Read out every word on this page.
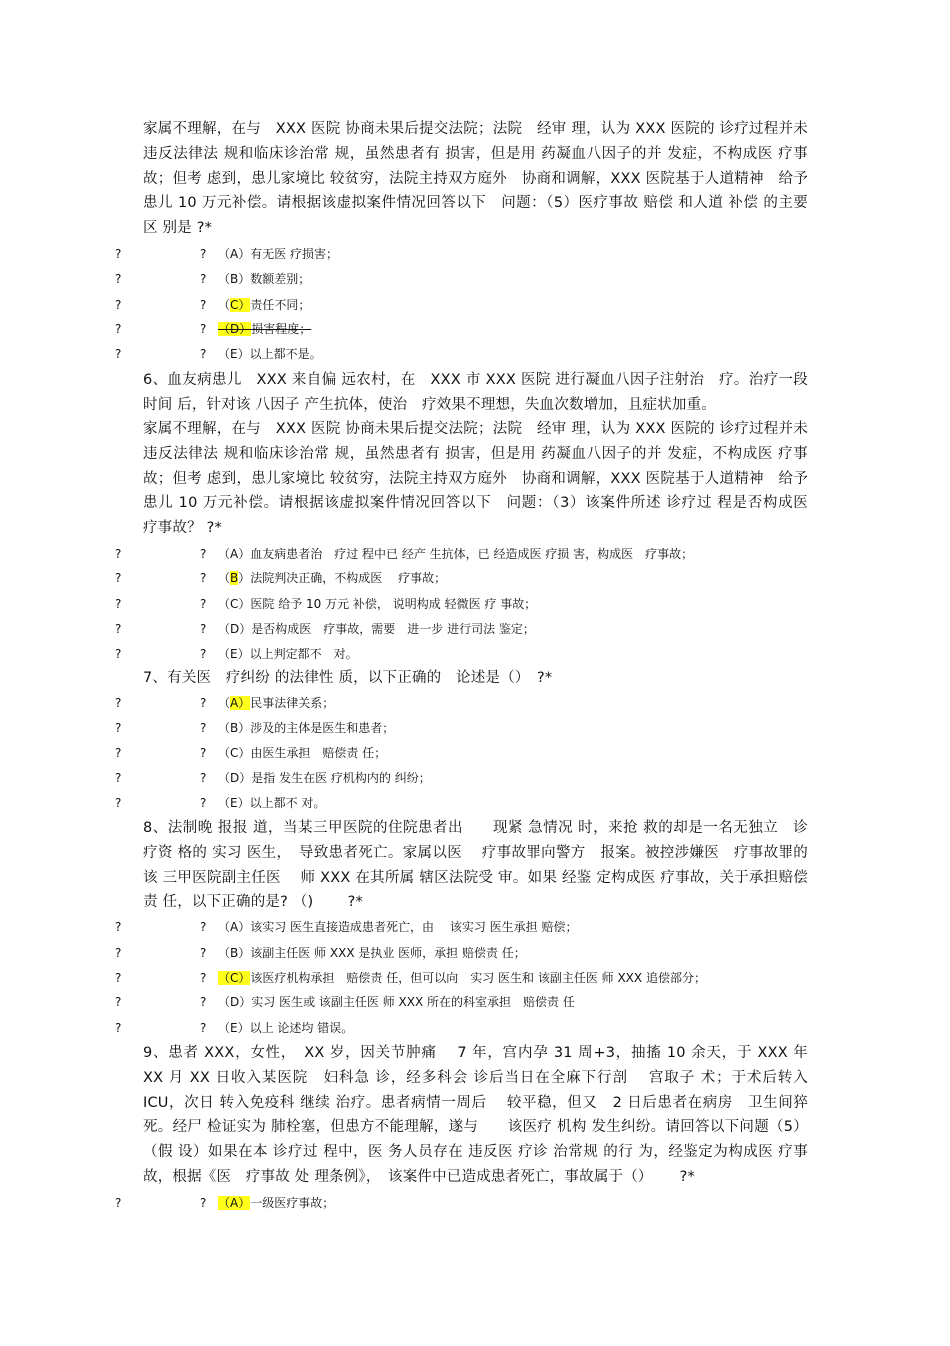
家属不理解，在与　XXX 医院 协商未果后提交法院；法院　经审 理，认为 XXX 医院的 诊疗过程并未 违反法律法 规和临床诊治常 规，虽然患者有 损害，但是用 药凝血八因子的并 发症，不构成医 疗事故；但考 虑到，患儿家境比 较贫穷，法院主持双方庭外　协商和调解，XXX 医院基于人道精神　给予患儿 10 万元补偿。请根据该虚拟案件情况回答以下　问题：（5）医疗事故 赔偿 和人道 补偿 的主要区 别是 ?*
?	? （A）有无医 疗损害；
?	? （B）数额差别；
?	? （C）责任不同；
?	? （D）损害程度；
?	? （E）以上都不是。
6、血友病患儿　XXX 来自偏 远农村，在　XXX 市 XXX 医院 进行凝血八因子注射治　疗。治疗一段 时间 后，针对该 八因子 产生抗体，使治　疗效果不理想，失血次数增加，且症状加重。
家属不理解，在与　XXX 医院 协商未果后提交法院；法院　经审 理，认为 XXX 医院的 诊疗过程并未 违反法律法 规和临床诊治常 规，虽然患者有 损害，但是用 药凝血八因子的并 发症，不构成医 疗事故；但考 虑到，患儿家境比 较贫穷，法院主持双方庭外　协商和调解，XXX 医院基于人道精神　给予患儿 10 万元补偿。请根据该虚拟案件情况回答以下　问题：（3）该案件所述 诊疗过 程是否构成医　疗事故？ ?*
?	? （A）血友病患者治　疗过 程中已 经产 生抗体，已 经造成医 疗损 害，构成医　疗事故；
?	? （B）法院判决正确，不构成医　 疗事故；
?	? （C）医院 给予 10 万元 补偿， 说明构成 轻微医 疗 事故；
?	? （D）是否构成医　疗事故，需要　进一步 进行司法 鉴定；
?	? （E）以上判定都不　对。
7、有关医　疗纠纷 的法律性 质，以下正确的　论述是（）　?*
?	? （A）民事法律关系；
?	? （B）涉及的主体是医生和患者；
?	? （C）由医生承担　赔偿责 任；
?	? （D）是指 发生在医 疗机构内的 纠纷；
?	? （E）以上都不 对。
8、法制晚 报报 道，当某三甲医院的住院患者出　　现紧 急情况 时，来抢 救的却是一名无独立　诊疗资 格的 实习 医生，　导致患者死亡。家属以医　 疗事故罪向警方　报案。被控涉嫌医　疗事故罪的该 三甲医院副主任医　 师 XXX 在其所属 辖区法院受 审。如果 经鉴 定构成医 疗事故，关于承担赔偿责 任，以下正确的是? （)　　 ?*
?	? （A）该实习 医生直接造成患者死亡，由　 该实习 医生承担 赔偿；
?	? （B）该副主任医 师 XXX 是执业 医师，承担 赔偿责 任；
?	? （C）该医疗机构承担　赔偿责 任，但可以向　实习 医生和 该副主任医 师 XXX 追偿部分；
?	? （D）实习 医生或 该副主任医 师 XXX 所在的科室承担　赔偿责 任
?	? （E）以上 论述均 错误。
9、患者 XXX，女性，　XX 岁，因关节肿痛　 7 年，宫内孕 31 周+3，抽搐 10 余天，于 XXX 年 XX 月 XX 日收入某医院　妇科急 诊，经多科会 诊后当日在全麻下行剖　 宫取子 术；于术后转入 ICU，次日 转入免疫科 继续 治疗。患者病情一周后　 较平稳，但又　2 日后患者在病房　卫生间猝死。经尸 检证实为 肺栓塞，但患方不能理解，遂与　　该医疗 机构 发生纠纷。请回答以下问题（5）（假 设）如果在本 诊疗过 程中，医 务人员存在 违反医 疗诊 治常规 的行 为，经鉴定为构成医 疗事故，根据《医　疗事故 处 理条例》，　该案件中已造成患者死亡，事故属于（）　　 ?*
?	? （A）一级医疗事故；
